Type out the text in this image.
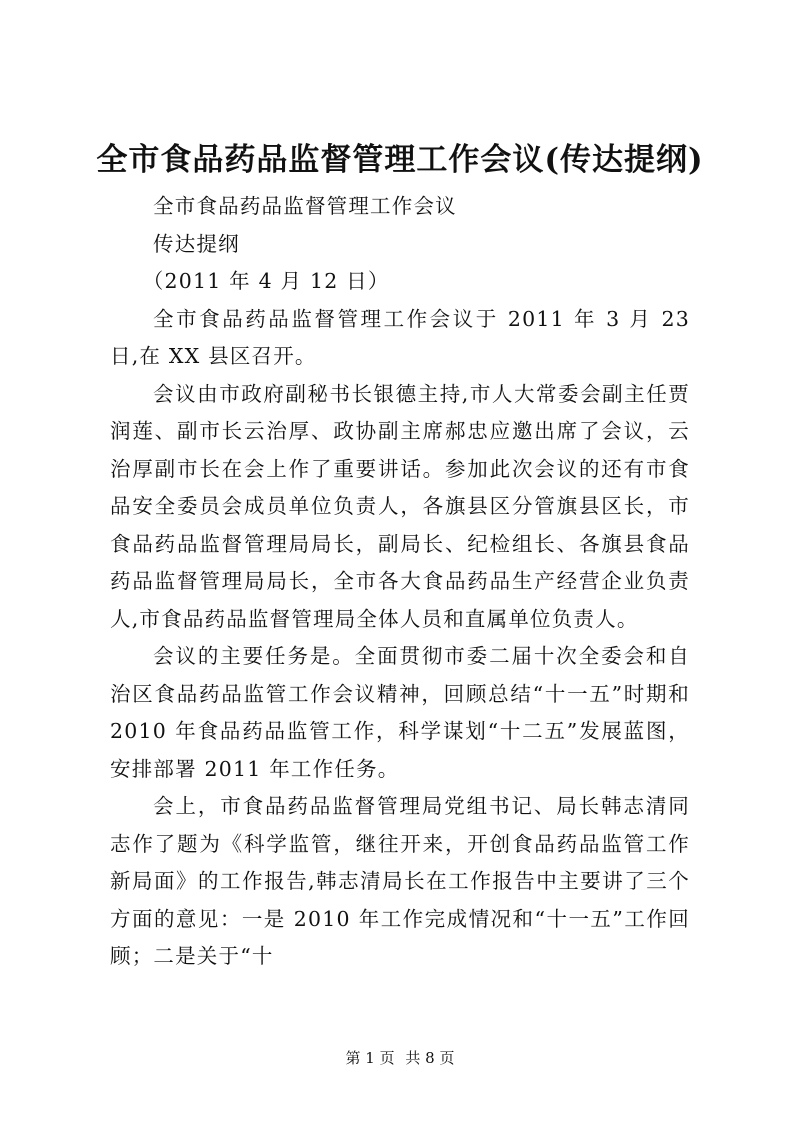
全市食品药品监督管理工作会议(传达提纲)

全市食品药品监督管理工作会议

传达提纲

（2011 年 4 月 12 日）

全市食品药品监督管理工作会议于 2011 年 3 月 23 日,在 XX 县区召开。

会议由市政府副秘书长银德主持,市人大常委会副主任贾润莲、副市长云治厚、政协副主席郝忠应邀出席了会议，云治厚副市长在会上作了重要讲话。参加此次会议的还有市食品安全委员会成员单位负责人，各旗县区分管旗县区长，市食品药品监督管理局局长，副局长、纪检组长、各旗县食品药品监督管理局局长，全市各大食品药品生产经营企业负责人,市食品药品监督管理局全体人员和直属单位负责人。

会议的主要任务是。全面贯彻市委二届十次全委会和自治区食品药品监管工作会议精神，回顾总结“十一五”时期和 2010 年食品药品监管工作，科学谋划“十二五”发展蓝图，安排部署 2011 年工作任务。

会上，市食品药品监督管理局党组书记、局长韩志清同志作了题为《科学监管，继往开来，开创食品药品监管工作新局面》的工作报告,韩志清局长在工作报告中主要讲了三个方面的意见：一是 2010 年工作完成情况和“十一五”工作回顾；二是关于“十

第 1 页 共 8 页
